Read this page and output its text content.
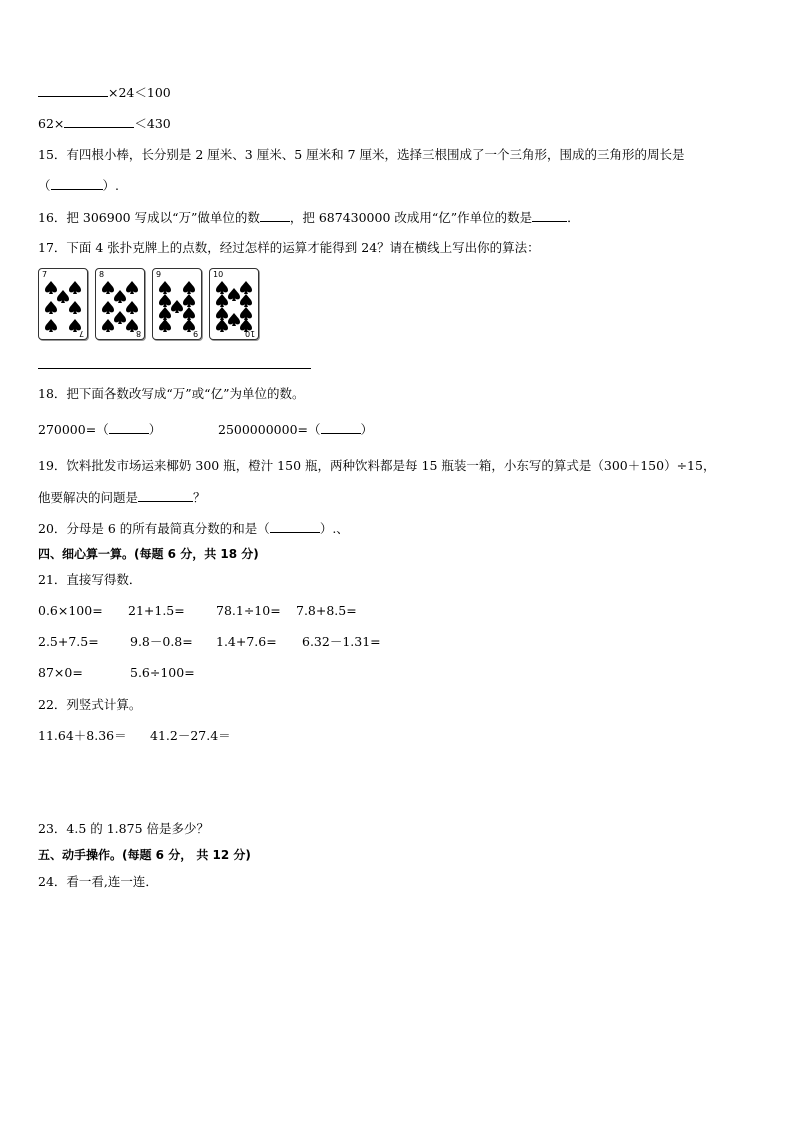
×24＜100
62×	＜430
15．有四根小棒，长分别是 2 厘米、3 厘米、5 厘米和 7 厘米，选择三根围成了一个三角形，围成的三角形的周长是
（	）.
16．把 306900 写成以“万”做单位的数 ，把 687430000 改成用“亿”作单位的数是	．
17．下面 4 张扑克牌上的点数，经过怎样的运算才能得到 24？请在横线上写出你的算法：
7
7
8
8
9
9
10
10
18．把下面各数改写成“万”或“亿”为单位的数。
270000=（	）	2500000000=（	）
19．饮料批发市场运来椰奶 300 瓶，橙汁 150 瓶，两种饮料都是每 15 瓶装一箱，小东写的算式是（300＋150）÷15，
他要解决的问题是	？
20．分母是 6 的所有最简真分数的和是（	）.、
四、细心算一算。(每题 6 分，共 18 分)
21．直接写得数．
0.6×100= 21+1.5=	78.1÷10= 7.8+8.5=
2.5+7.5=	9.8－0.8= 1.4+7.6= 6.32－1.31=
87×0=	5.6÷100=
22．列竖式计算。
11.64＋8.36＝ 41.2－27.4＝
23．4.5 的 1.875 倍是多少？
五、动手操作。(每题 6 分， 共 12 分)
24．看一看,连一连．
